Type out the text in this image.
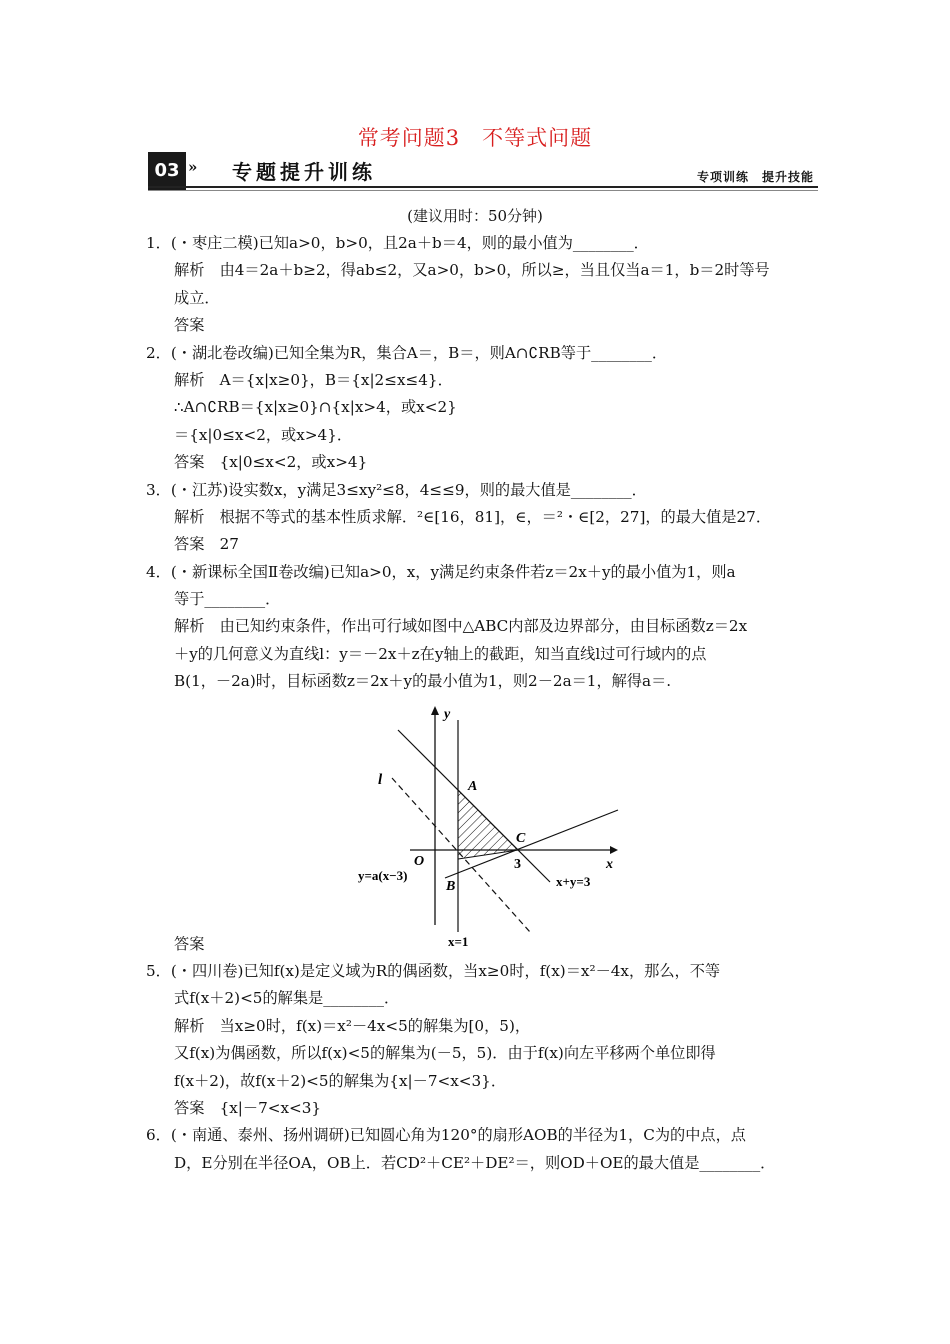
常考问题3　不等式问题
03 » 专题提升训练	专项训练　提升技能
(建议用时：50分钟)
1．(・枣庄二模)已知a>0，b>0，且2a＋b＝4，则的最小值为________．
解析　由4＝2a＋b≥2，得ab≤2，又a>0，b>0，所以≥，当且仅当a＝1，b＝2时等号
成立．
答案
2．(・湖北卷改编)已知全集为R，集合A＝，B＝，则A∩∁RB等于________．
解析　A＝{x|x≥0}，B＝{x|2≤x≤4}．
∴A∩∁RB＝{x|x≥0}∩{x|x>4，或x<2}
＝{x|0≤x<2，或x>4}．
答案　{x|0≤x<2，或x>4}
3．(・江苏)设实数x，y满足3≤xy²≤8，4≤≤9，则的最大值是________．
解析　根据不等式的基本性质求解．²∈[16，81]，∈，＝²・∈[2，27]，的最大值是27．
答案　27
4．(・新课标全国Ⅱ卷改编)已知a>0，x，y满足约束条件若z＝2x＋y的最小值为1，则a
等于________．
解析　由已知约束条件，作出可行域如图中△ABC内部及边界部分，由目标函数z＝2x
＋y的几何意义为直线l：y＝－2x＋z在y轴上的截距，知当直线l过可行域内的点
B(1，－2a)时，目标函数z＝2x＋y的最小值为1，则2－2a＝1，解得a＝.
答案
5．(・四川卷)已知f(x)是定义域为R的偶函数，当x≥0时，f(x)＝x²－4x，那么，不等
式f(x＋2)<5的解集是________．
解析　当x≥0时，f(x)＝x²－4x<5的解集为[0，5)，
又f(x)为偶函数，所以f(x)<5的解集为(－5，5)．由于f(x)向左平移两个单位即得
f(x＋2)，故f(x＋2)<5的解集为{x|－7<x<3}．
答案　{x|－7<x<3}
6．(・南通、泰州、扬州调研)已知圆心角为120°的扇形AOB的半径为1，C为的中点，点
D，E分别在半径OA，OB上．若CD²＋CE²＋DE²＝，则OD＋OE的最大值是________．
y
x
l	A
C
O	3
B
y=a(x−3)	x+y=3
x=1
